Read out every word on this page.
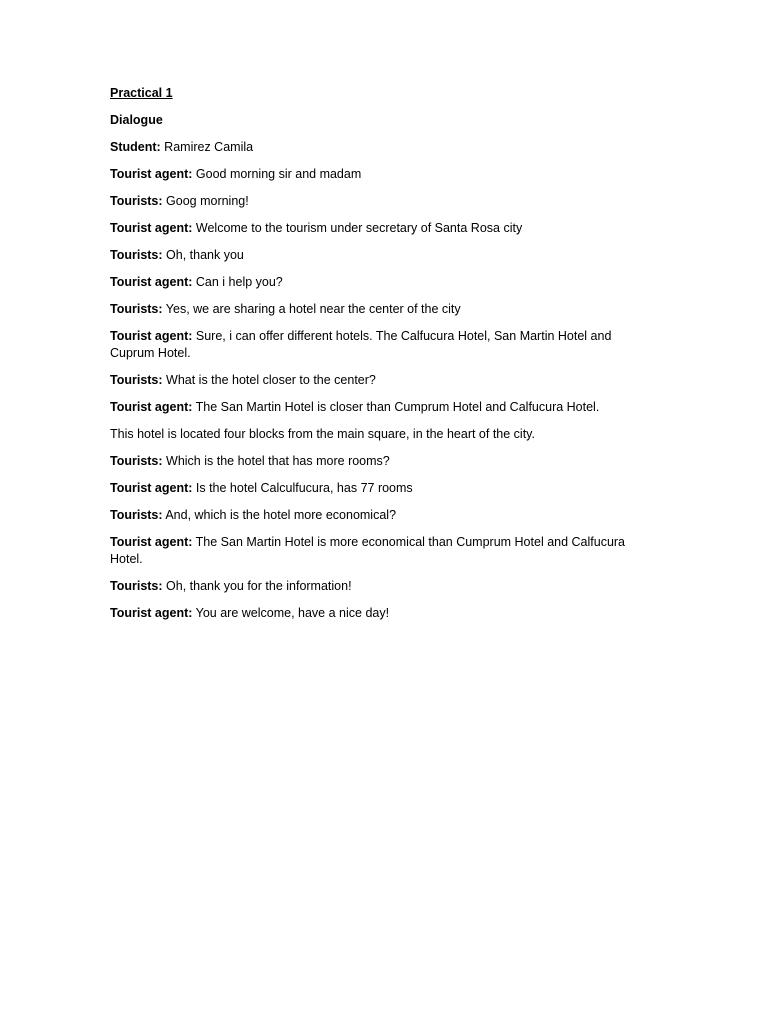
Practical 1
Dialogue
Student: Ramirez Camila
Tourist agent: Good morning sir and madam
Tourists: Goog morning!
Tourist agent: Welcome to the tourism under secretary of Santa Rosa city
Tourists: Oh, thank you
Tourist agent: Can i help you?
Tourists: Yes, we are sharing a hotel near the center of the city
Tourist agent: Sure, i can offer different hotels. The Calfucura Hotel, San Martin Hotel and Cuprum Hotel.
Tourists: What is the hotel closer to the center?
Tourist agent: The San Martin Hotel is closer than Cumprum Hotel and Calfucura Hotel.
This hotel is located four blocks from the main square, in the heart of the city.
Tourists: Which is the hotel that has more rooms?
Tourist agent: Is the hotel Calculfucura, has 77 rooms
Tourists: And, which is the hotel more economical?
Tourist agent: The San Martin Hotel is more economical than Cumprum Hotel and Calfucura Hotel.
Tourists: Oh, thank you for the information!
Tourist agent: You are welcome, have a nice day!
